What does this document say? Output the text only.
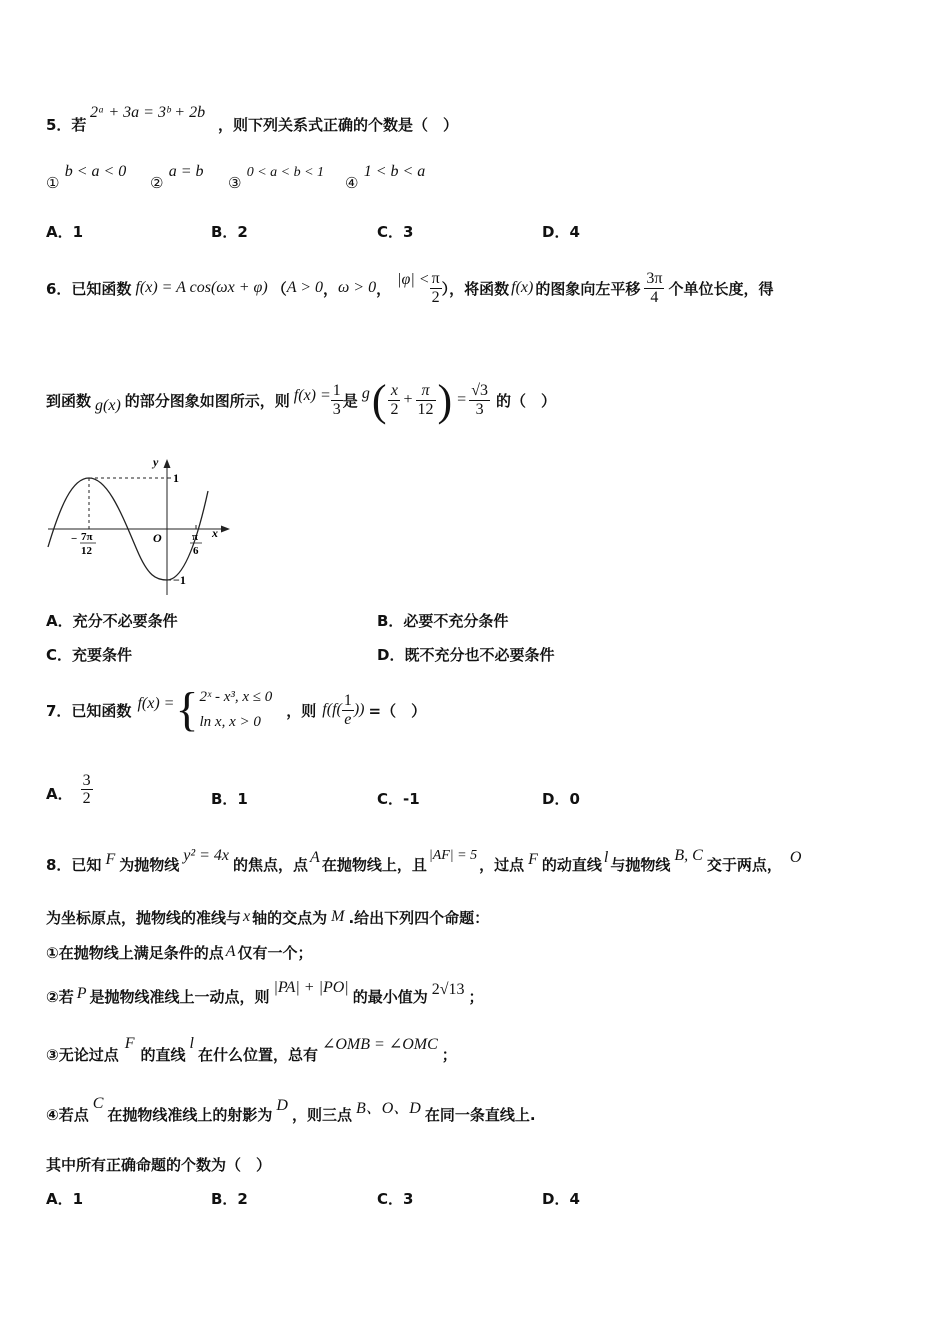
5．若
2ᵃ + 3a = 3ᵇ + 2b
，则下列关系式正确的个数是（　）
① b < a < 0
② a = b
③ 0 < a < b < 1
④ 1 < b < a
A．1	B．2	C．3	D．4
6．已知函数 f(x) = A cos(ωx + φ) （ A > 0 ， ω > 0 ， $|\varphi| < \frac{\pi}{2}$ ），将函数 f(x) 的图象向左平移 $\frac{3\pi}{4}$ 个单位长度，得
到函数 g(x) 的部分图象如图所示，则 $f(x) = \frac{1}{3}$ 是 g ( $\frac{x}{2} + \frac{\pi}{12}$ ) = $\frac{√3}{3}$ 的（　）
y
x
O
1
−1
− 7π
12
π
6
A．充分不必要条件	B．必要不充分条件
C．充要条件	D．既不充分也不必要条件
7．已知函数 f(x) = { 2ˣ - x³, x ≤ 0
ln x, x > 0
，则 $f(f( \frac{1}{e}$ )) =（　）
A． $\frac{3}{2}$	B．1	C．-1	D．0
8．已知 F 为抛物线 y² = 4x 的焦点，点 A 在抛物线上，且 |AF| = 5 ，过点 F 的动直线 l 与抛物线 B, C 交于两点， O
为坐标原点，抛物线的准线与 x 轴的交点为 M .给出下列四个命题：
①在抛物线上满足条件的点 A 仅有一个；
②若 P 是抛物线准线上一动点，则 |PA| + |PO| 的最小值为 2√13 ；
③无论过点
F
的直线
l
在什么位置，总有
∠OMB = ∠OMC
；
④若点
C
在抛物线准线上的射影为 D ，则三点 B、O、D 在同一条直线上.
其中所有正确命题的个数为（　）
A．1	B．2	C．3	D．4
